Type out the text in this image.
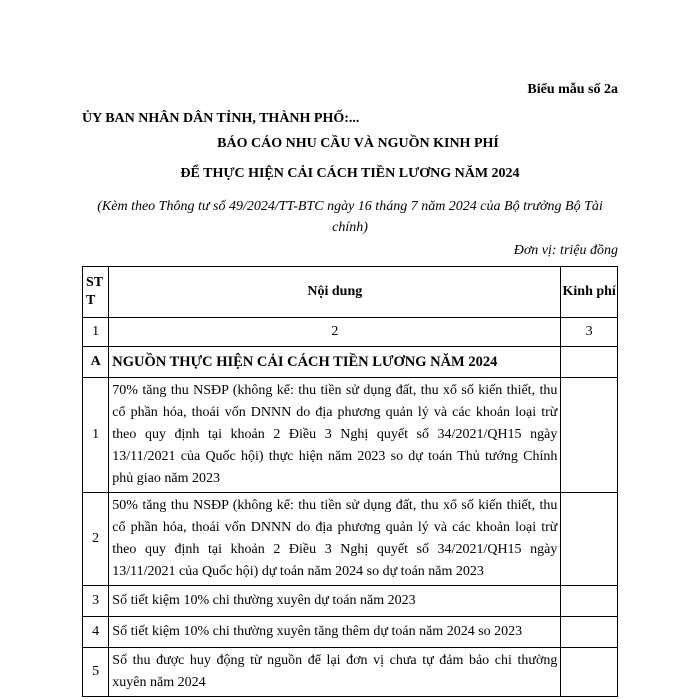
Biểu mẫu số 2a
ỦY BAN NHÂN DÂN TỈNH, THÀNH PHỐ:...
BÁO CÁO NHU CẦU VÀ NGUỒN KINH PHÍ
ĐỂ THỰC HIỆN CẢI CÁCH TIỀN LƯƠNG NĂM 2024
(Kèm theo Thông tư số 49/2024/TT-BTC ngày 16 tháng 7 năm 2024 của Bộ trưởng Bộ Tài chính)
Đơn vị: triệu đồng
STT	Nội dung	Kinh phí
1	2	3
A	NGUỒN THỰC HIỆN CẢI CÁCH TIỀN LƯƠNG NĂM 2024	
1	70% tăng thu NSĐP (không kể: thu tiền sử dụng đất, thu xổ số kiến thiết, thu cổ phần hóa, thoái vốn DNNN do địa phương quản lý và các khoản loại trừ theo quy định tại khoản 2 Điều 3 Nghị quyết số 34/2021/QH15 ngày 13/11/2021 của Quốc hội) thực hiện năm 2023 so dự toán Thủ tướng Chính phủ giao năm 2023	
2	50% tăng thu NSĐP (không kể: thu tiền sử dụng đất, thu xổ số kiến thiết, thu cổ phần hóa, thoái vốn DNNN do địa phương quản lý và các khoản loại trừ theo quy định tại khoản 2 Điều 3 Nghị quyết số 34/2021/QH15 ngày 13/11/2021 của Quốc hội) dự toán năm 2024 so dự toán năm 2023	
3	Số tiết kiệm 10% chi thường xuyên dự toán năm 2023	
4	Số tiết kiệm 10% chi thường xuyên tăng thêm dự toán năm 2024 so 2023	
5	Số thu được huy động từ nguồn để lại đơn vị chưa tự đảm bảo chi thường xuyên năm 2024	
